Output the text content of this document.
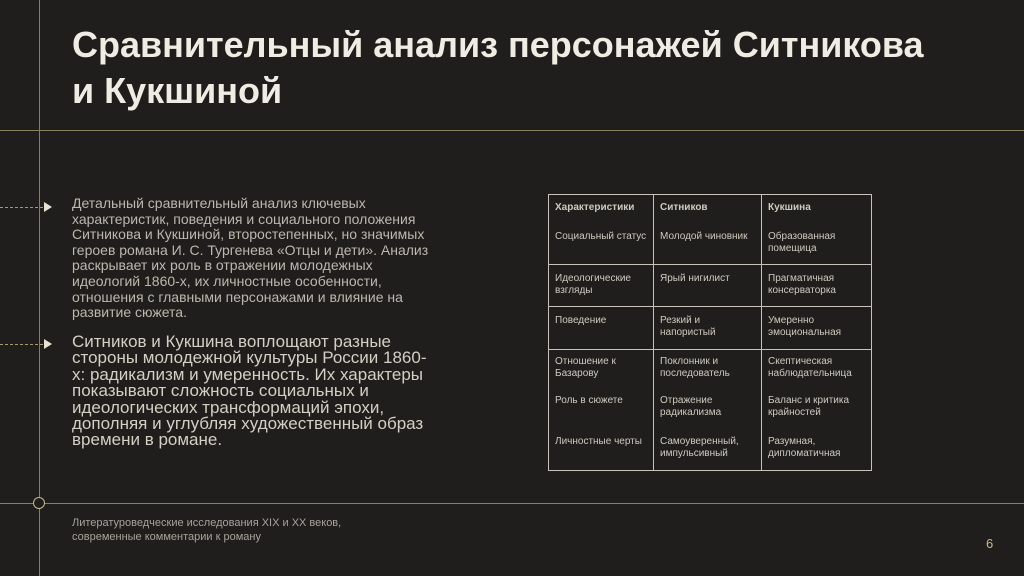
Сравнительный анализ персонажей Ситникова и Кукшиной

Детальный сравнительный анализ ключевых характеристик, поведения и социального положения Ситникова и Кукшиной, второстепенных, но значимых героев романа И. С. Тургенева «Отцы и дети». Анализ раскрывает их роль в отражении молодежных идеологий 1860-х, их личностные особенности, отношения с главными персонажами и влияние на развитие сюжета.

Ситников и Кукшина воплощают разные стороны молодежной культуры России 1860-х: радикализм и умеренность. Их характеры показывают сложность социальных и идеологических трансформаций эпохи, дополняя и углубляя художественный образ времени в романе.

Характеристики	Ситников	Кукшина
Социальный статус	Молодой чиновник	Образованная помещица
Идеологические взгляды	Ярый нигилист	Прагматичная консерваторка
Поведение	Резкий и напористый	Умеренно эмоциональная
Отношение к Базарову	Поклонник и последователь	Скептическая наблюдательница
Роль в сюжете	Отражение радикализма	Баланс и критика крайностей
Личностные черты	Самоуверенный, импульсивный	Разумная, дипломатичная
Литературоведческие исследования XIX и XX веков, современные комментарии к роману	6
